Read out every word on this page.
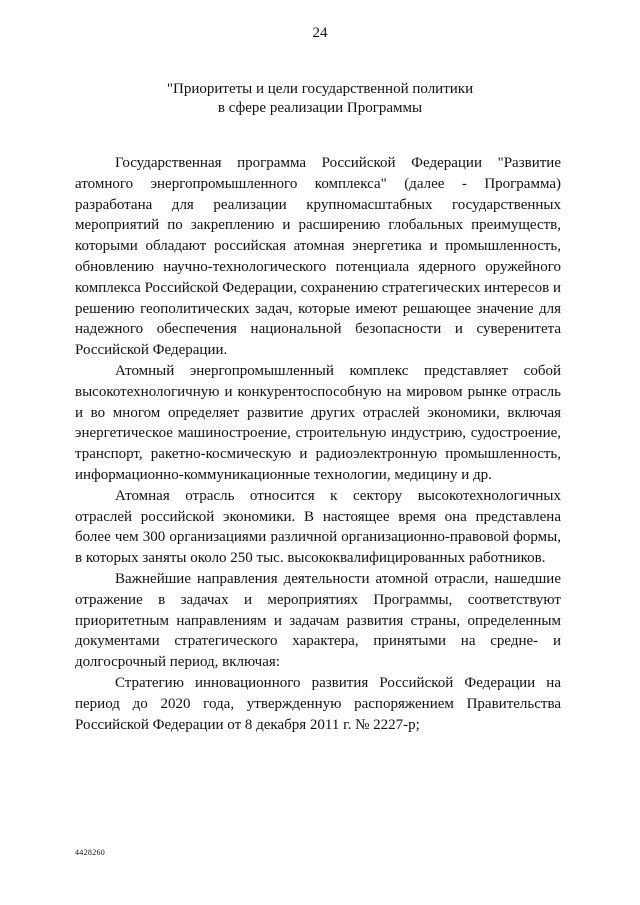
24
"Приоритеты и цели государственной политики
в сфере реализации Программы

Государственная программа Российской Федерации "Развитие атомного энергопромышленного комплекса" (далее - Программа) разработана для реализации крупномасштабных государственных мероприятий по закреплению и расширению глобальных преимуществ, которыми обладают российская атомная энергетика и промышленность, обновлению научно-технологического потенциала ядерного оружейного комплекса Российской Федерации, сохранению стратегических интересов и решению геополитических задач, которые имеют решающее значение для надежного обеспечения национальной безопасности и суверенитета Российской Федерации.

Атомный энергопромышленный комплекс представляет собой высокотехнологичную и конкурентоспособную на мировом рынке отрасль и во многом определяет развитие других отраслей экономики, включая энергетическое машиностроение, строительную индустрию, судостроение, транспорт, ракетно-космическую и радиоэлектронную промышленность, информационно-коммуникационные технологии, медицину и др.

Атомная отрасль относится к сектору высокотехнологичных отраслей российской экономики. В настоящее время она представлена более чем 300 организациями различной организационно-правовой формы, в которых заняты около 250 тыс. высококвалифицированных работников.

Важнейшие направления деятельности атомной отрасли, нашедшие отражение в задачах и мероприятиях Программы, соответствуют приоритетным направлениям и задачам развития страны, определенным документами стратегического характера, принятыми на средне- и долгосрочный период, включая:

Стратегию инновационного развития Российской Федерации на период до 2020 года, утвержденную распоряжением Правительства Российской Федерации от 8 декабря 2011 г. № 2227-р;

4428260
